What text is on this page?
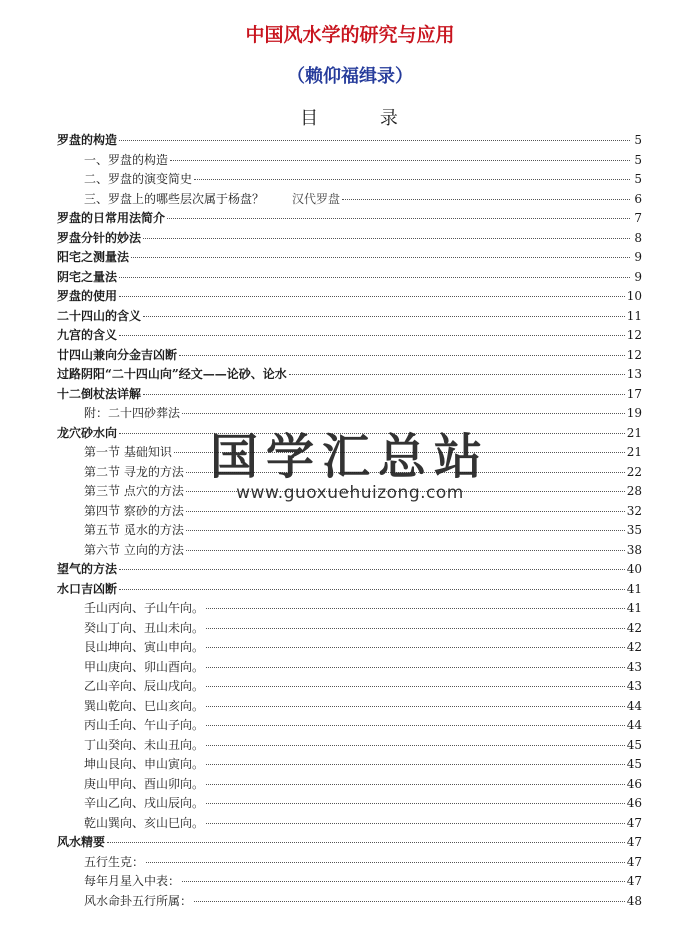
中国风水学的研究与应用
（赖仰福缉录）
目	录
罗盘的构造	5
一、罗盘的构造	5
二、罗盘的演变简史	5
三、罗盘上的哪些层次属于杨盘？ 汉代罗盘	6
罗盘的日常用法简介	7
罗盘分针的妙法	8
阳宅之测量法	9
阴宅之量法	9
罗盘的使用	10
二十四山的含义	11
九宫的含义	12
廿四山兼向分金吉凶断	12
过路阴阳“二十四山向”经文——论砂、论水	13
十二倒杖法详解	17
附：二十四砂葬法	19
龙穴砂水向	21
第一节 基础知识	21
第二节 寻龙的方法	22
第三节 点穴的方法	28
第四节 察砂的方法	32
第五节 觅水的方法	35
第六节 立向的方法	38
望气的方法	40
水口吉凶断	41
壬山丙向、子山午向。	41
癸山丁向、丑山未向。	42
艮山坤向、寅山申向。	42
甲山庚向、卯山酉向。	43
乙山辛向、辰山戌向。	43
巽山乾向、巳山亥向。	44
丙山壬向、午山子向。	44
丁山癸向、未山丑向。	45
坤山艮向、申山寅向。	45
庚山甲向、酉山卯向。	46
辛山乙向、戌山辰向。	46
乾山巽向、亥山巳向。	47
风水精要	47
五行生克：	47
每年月星入中表：	47
风水命卦五行所属：	48
国学汇总站
www.guoxuehuizong.com
